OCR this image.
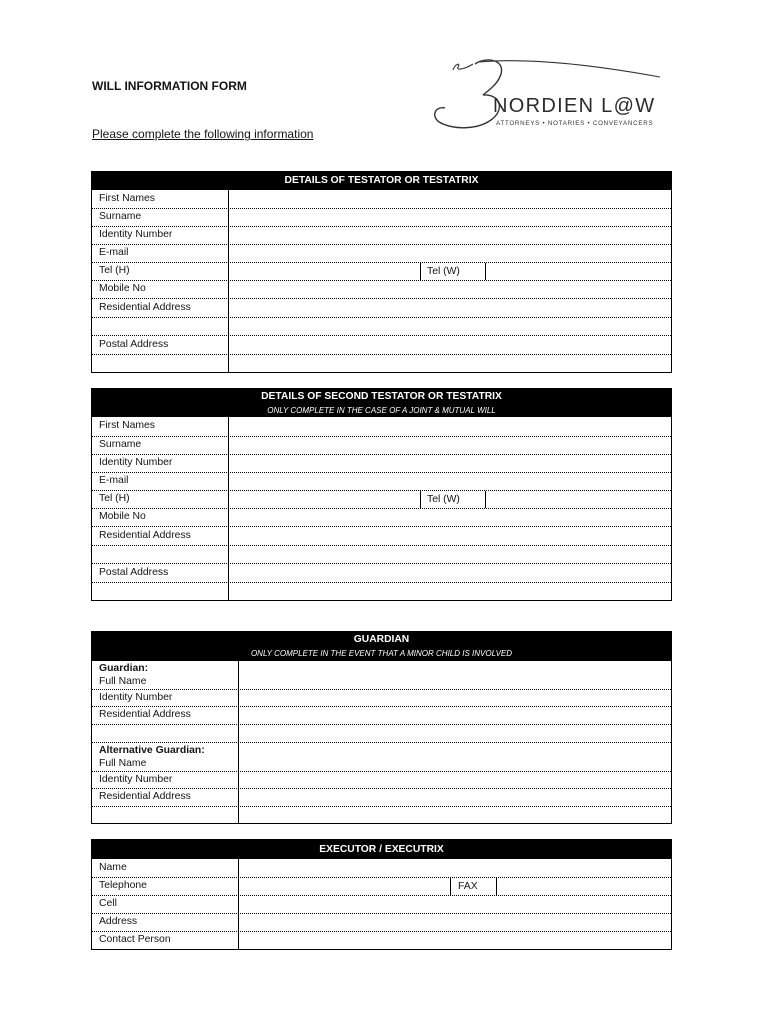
WILL INFORMATION FORM
Please complete the following information
NORDIEN L@W
ATTORNEYS • NOTARIES • CONVEYANCERS
DETAILS OF TESTATOR OR TESTATRIX
First Names
Surname
Identity Number
E-mail
Tel (H)	Tel (W)
Mobile No
Residential Address
Postal Address
DETAILS OF SECOND TESTATOR OR TESTATRIX
ONLY COMPLETE IN THE CASE OF A JOINT & MUTUAL WILL
First Names
Surname
Identity Number
E-mail
Tel (H)	Tel (W)
Mobile No
Residential Address
Postal Address
GUARDIAN
ONLY COMPLETE IN THE EVENT THAT A MINOR CHILD IS INVOLVED
Guardian:
Full Name
Identity Number
Residential Address
Alternative Guardian:
Full Name
Identity Number
Residential Address
EXECUTOR / EXECUTRIX
Name
Telephone	FAX
Cell
Address
Contact Person
